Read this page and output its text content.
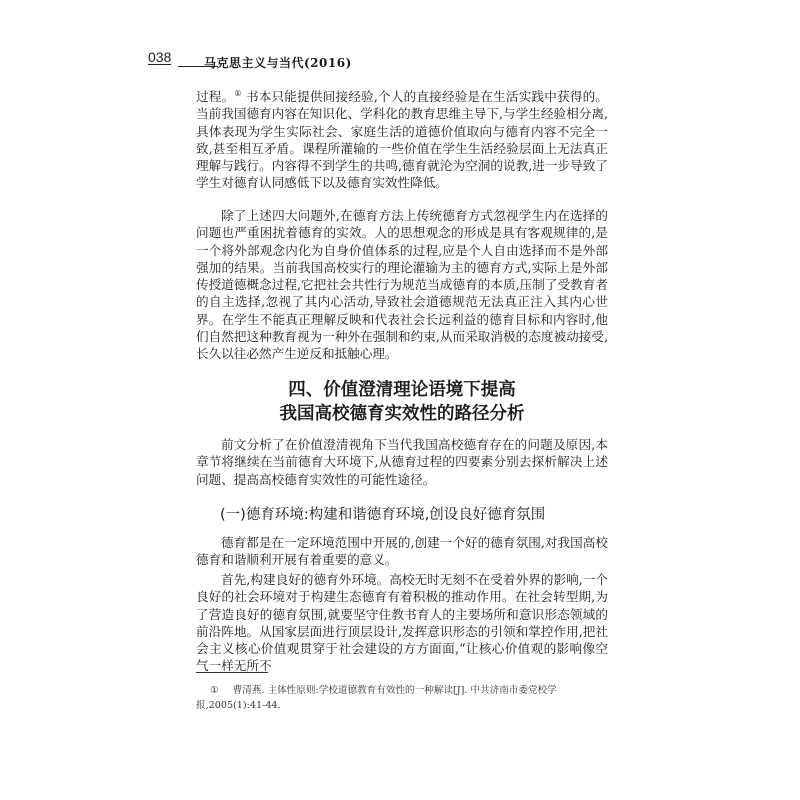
038	马克思主义与当代(2016)
过程。① 书本只能提供间接经验,个人的直接经验是在生活实践中获得的。当前我国德育内容在知识化、学科化的教育思维主导下,与学生经验相分离,具体表现为学生实际社会、家庭生活的道德价值取向与德育内容不完全一致,甚至相互矛盾。课程所灌输的一些价值在学生生活经验层面上无法真正理解与践行。内容得不到学生的共鸣,德育就沦为空洞的说教,进一步导致了学生对德育认同感低下以及德育实效性降低。
除了上述四大问题外,在德育方法上传统德育方式忽视学生内在选择的问题也严重困扰着德育的实效。人的思想观念的形成是具有客观规律的,是一个将外部观念内化为自身价值体系的过程,应是个人自由选择而不是外部强加的结果。当前我国高校实行的理论灌输为主的德育方式,实际上是外部传授道德概念过程,它把社会共性行为规范当成德育的本质,压制了受教育者的自主选择,忽视了其内心活动,导致社会道德规范无法真正注入其内心世界。在学生不能真正理解反映和代表社会长远利益的德育目标和内容时,他们自然把这种教育视为一种外在强制和约束,从而采取消极的态度被动接受,长久以往必然产生逆反和抵触心理。
四、价值澄清理论语境下提高
我国高校德育实效性的路径分析
前文分析了在价值澄清视角下当代我国高校德育存在的问题及原因,本章节将继续在当前德育大环境下,从德育过程的四要素分别去探析解决上述问题、提高高校德育实效性的可能性途径。
(一)德育环境:构建和谐德育环境,创设良好德育氛围
德育都是在一定环境范围中开展的,创建一个好的德育氛围,对我国高校德育和谐顺利开展有着重要的意义。
首先,构建良好的德育外环境。高校无时无刻不在受着外界的影响,一个良好的社会环境对于构建生态德育有着积极的推动作用。在社会转型期,为了营造良好的德育氛围,就要坚守住教书育人的主要场所和意识形态领域的前沿阵地。从国家层面进行顶层设计,发挥意识形态的引领和掌控作用,把社会主义核心价值观贯穿于社会建设的方方面面,“让核心价值观的影响像空气一样无所不
① 曹清燕. 主体性原则:学校道德教育有效性的一种解读[J]. 中共济南市委党校学报,2005(1):41-44.
